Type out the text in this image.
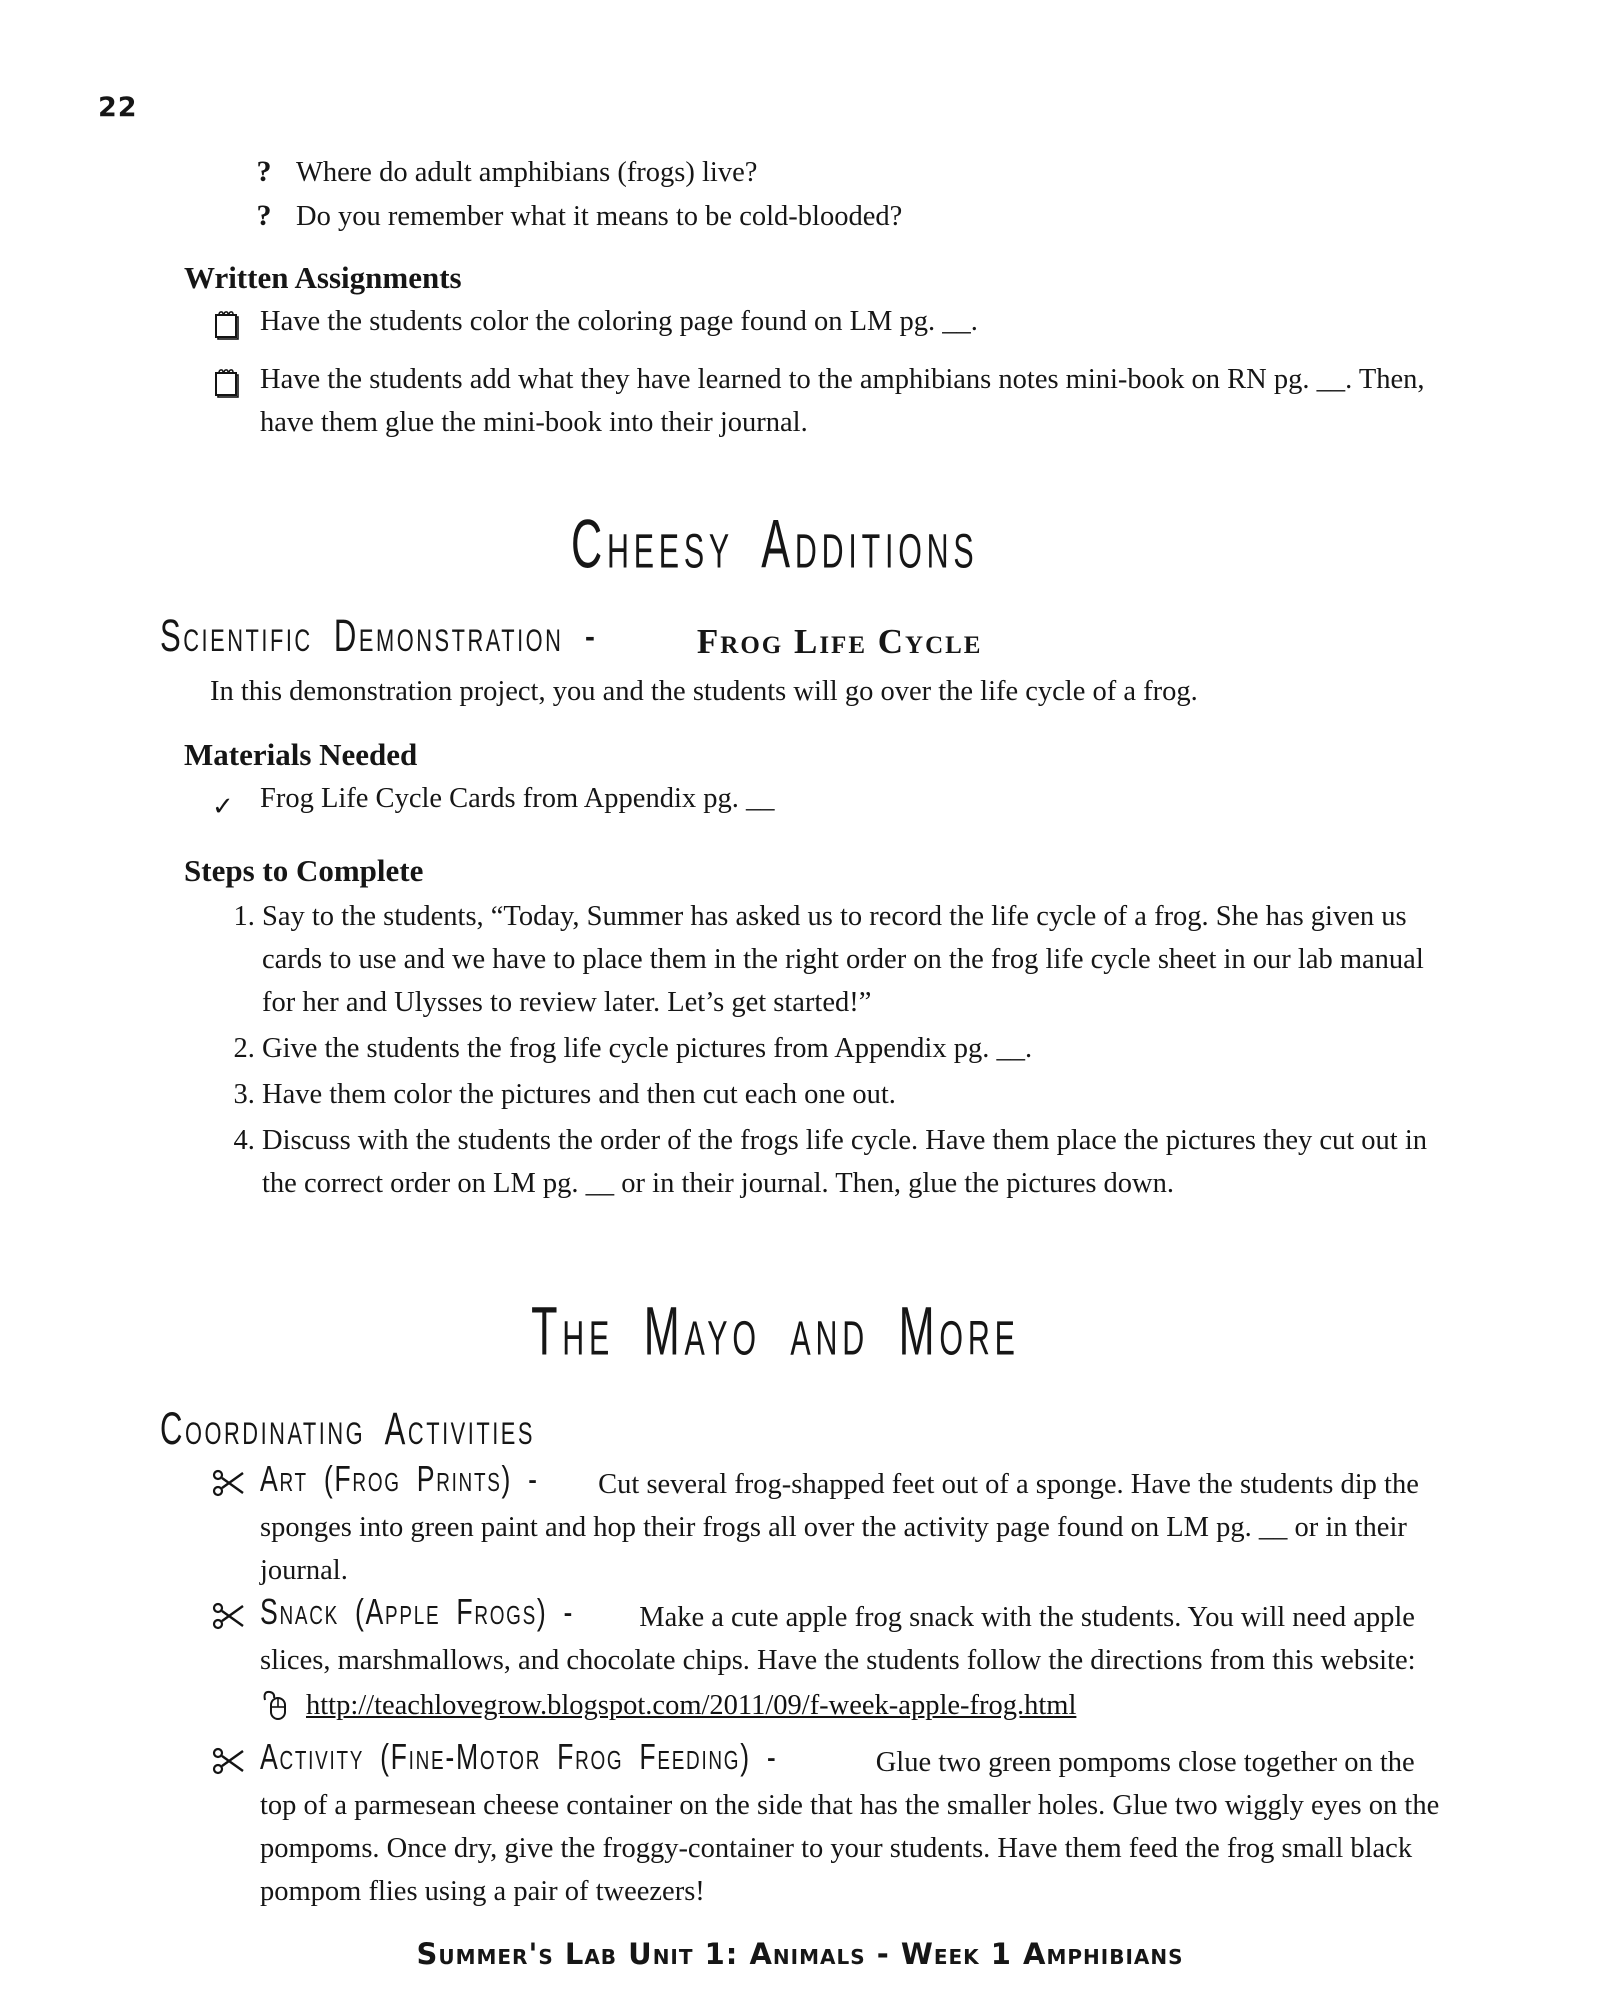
22
? Where do adult amphibians (frogs) live?
? Do you remember what it means to be cold-blooded?
Written Assignments
Have the students color the coloring page found on LM pg. __.
Have the students add what they have learned to the amphibians notes mini-book on RN pg. __. Then, have them glue the mini-book into their journal.
Cheesy Additions
Scientific Demonstration -	Frog Life Cycle

In this demonstration project, you and the students will go over the life cycle of a frog.

Materials Needed
✓ Frog Life Cycle Cards from Appendix pg. __
Steps to Complete
1. Say to the students, “Today, Summer has asked us to record the life cycle of a frog. She has given us cards to use and we have to place them in the right order on the frog life cycle sheet in our lab manual for her and Ulysses to review later. Let’s get started!”
2. Give the students the frog life cycle pictures from Appendix pg. __.
3. Have them color the pictures and then cut each one out.
4. Discuss with the students the order of the frogs life cycle. Have them place the pictures they cut out in the correct order on LM pg. __ or in their journal. Then, glue the pictures down.
The Mayo and More
Coordinating Activities
Art (Frog Prints) - Cut several frog-shapped feet out of a sponge. Have the students dip the sponges into green paint and hop their frogs all over the activity page found on LM pg. __ or in their journal.
Snack (Apple Frogs) - Make a cute apple frog snack with the students. You will need apple slices, marshmallows, and chocolate chips. Have the students follow the directions from this website:
http://teachlovegrow.blogspot.com/2011/09/f-week-apple-frog.html
Activity (Fine-Motor Frog Feeding) -	Glue two green pompoms close together on the top of a parmesean cheese container on the side that has the smaller holes. Glue two wiggly eyes on the pompoms. Once dry, give the froggy-container to your students. Have them feed the frog small black pompom flies using a pair of tweezers!
Summer's Lab Unit 1: Animals - Week 1 Amphibians
